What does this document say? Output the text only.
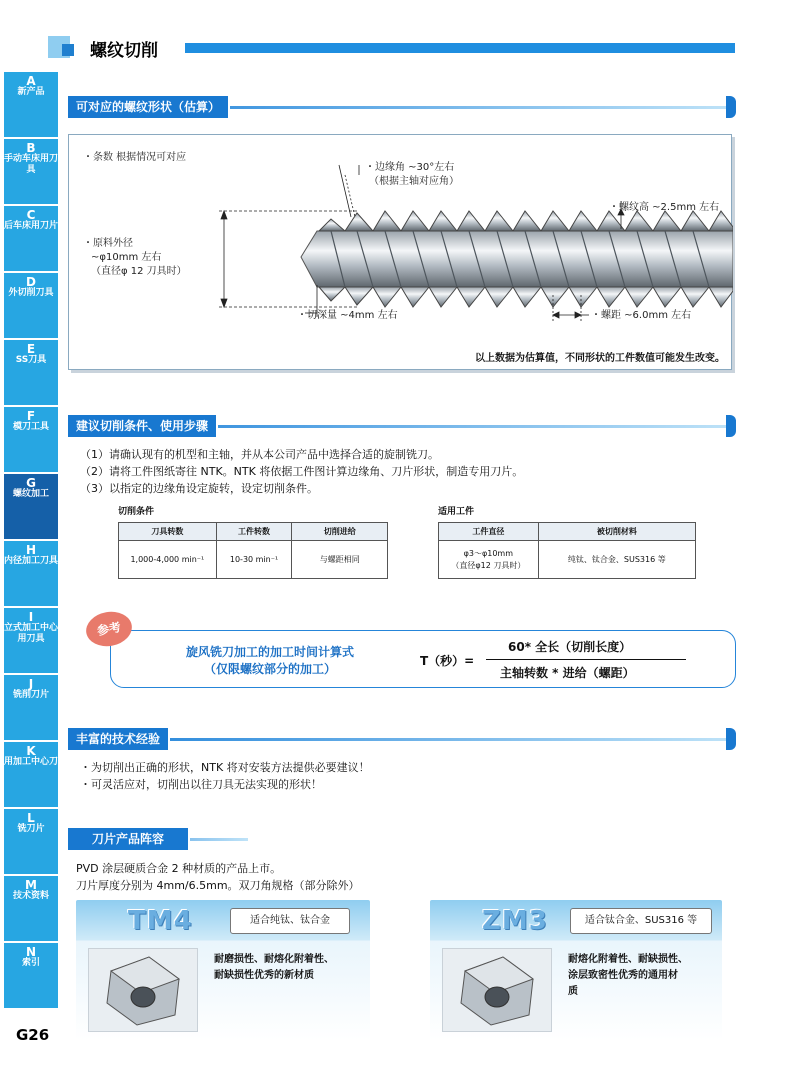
A
新产品
B
手动车床用刀具
C
后车床用刀片
D
外切削刀具
E
SS刀具
F
模刀工具
G
螺纹加工
H
内径加工刀具
I
立式加工中心用刀具
J
铣削刀片
K
用加工中心刀
L
铣刀片
M
技术资料
N
索引
G26
螺纹切削
可对应的螺纹形状（估算）
・条数 根据情况可对应
・边缘角 ~30°左右
（根据主轴对应角）
・螺纹高 ~2.5mm 左右
・原料外径
~φ10mm 左右
（直径φ 12 刀具时）
・切深量 ~4mm 左右	・螺距 ~6.0mm 左右
以上数据为估算值，不同形状的工件数值可能发生改变。
建议切削条件、使用步骤
（1）请确认现有的机型和主轴，并从本公司产品中选择合适的旋制铣刀。
（2）请将工件图纸寄往 NTK。NTK 将依据工件图计算边缘角、刀片形状，制造专用刀片。
（3）以指定的边缘角设定旋转，设定切削条件。
切削条件
刀具转数	工件转数	切削进给
1,000-4,000 min⁻¹	10-30 min⁻¹	与螺距相同
适用工件
工件直径	被切削材料

φ3～φ10mm
（直径φ12 刀具时）	纯钛、钛合金、SUS316 等
参考
旋风铣刀加工的加工时间计算式
（仅限螺纹部分的加工）
T（秒）=
60* 全长（切削长度）
主轴转数 * 进给（螺距）
丰富的技术经验
・为切削出正确的形状，NTK 将对安装方法提供必要建议！
・可灵活应对，切削出以往刀具无法实现的形状！
刀片产品阵容
PVD 涂层硬质合金 2 种材质的产品上市。
刀片厚度分别为 4mm/6.5mm。双刀角规格（部分除外）
TM4	适合纯钛、钛合金
耐磨损性、耐熔化附着性、
耐缺损性优秀的新材质
ZM3	适合钛合金、SUS316 等
耐熔化附着性、耐缺损性、
涂层致密性优秀的通用材
质
